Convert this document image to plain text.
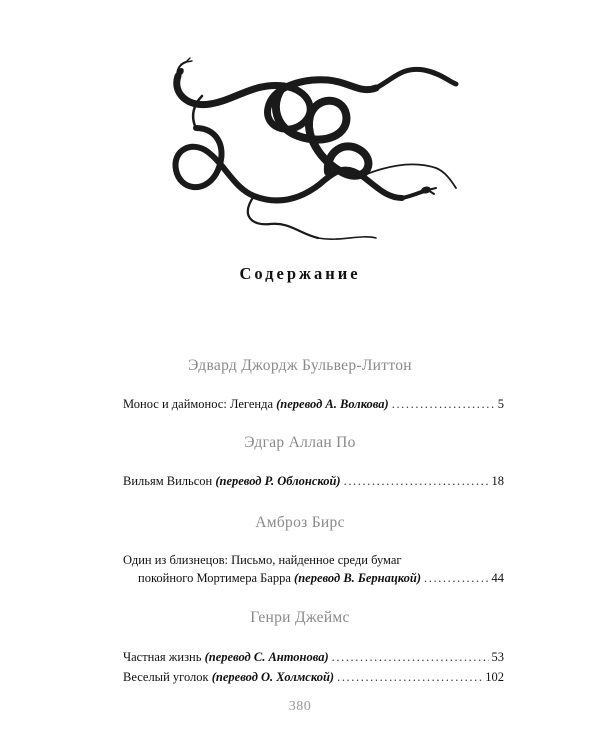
Содержание
Эдвард Джордж Бульвер-Литтон
Монос и даймонос: Легенда (перевод А. Волкова) .....	5
Эдгар Аллан По
Вильям Вильсон (перевод Р. Облонской) .....	18
Амброз Бирс
Один из близнецов: Письмо, найденное среди бумаг
покойного Мортимера Барра (перевод В. Бернацкой) .....	44
Генри Джеймс
Частная жизнь (перевод С. Антонова) .....	53
Веселый уголок (перевод О. Холмской) .....	102
380
